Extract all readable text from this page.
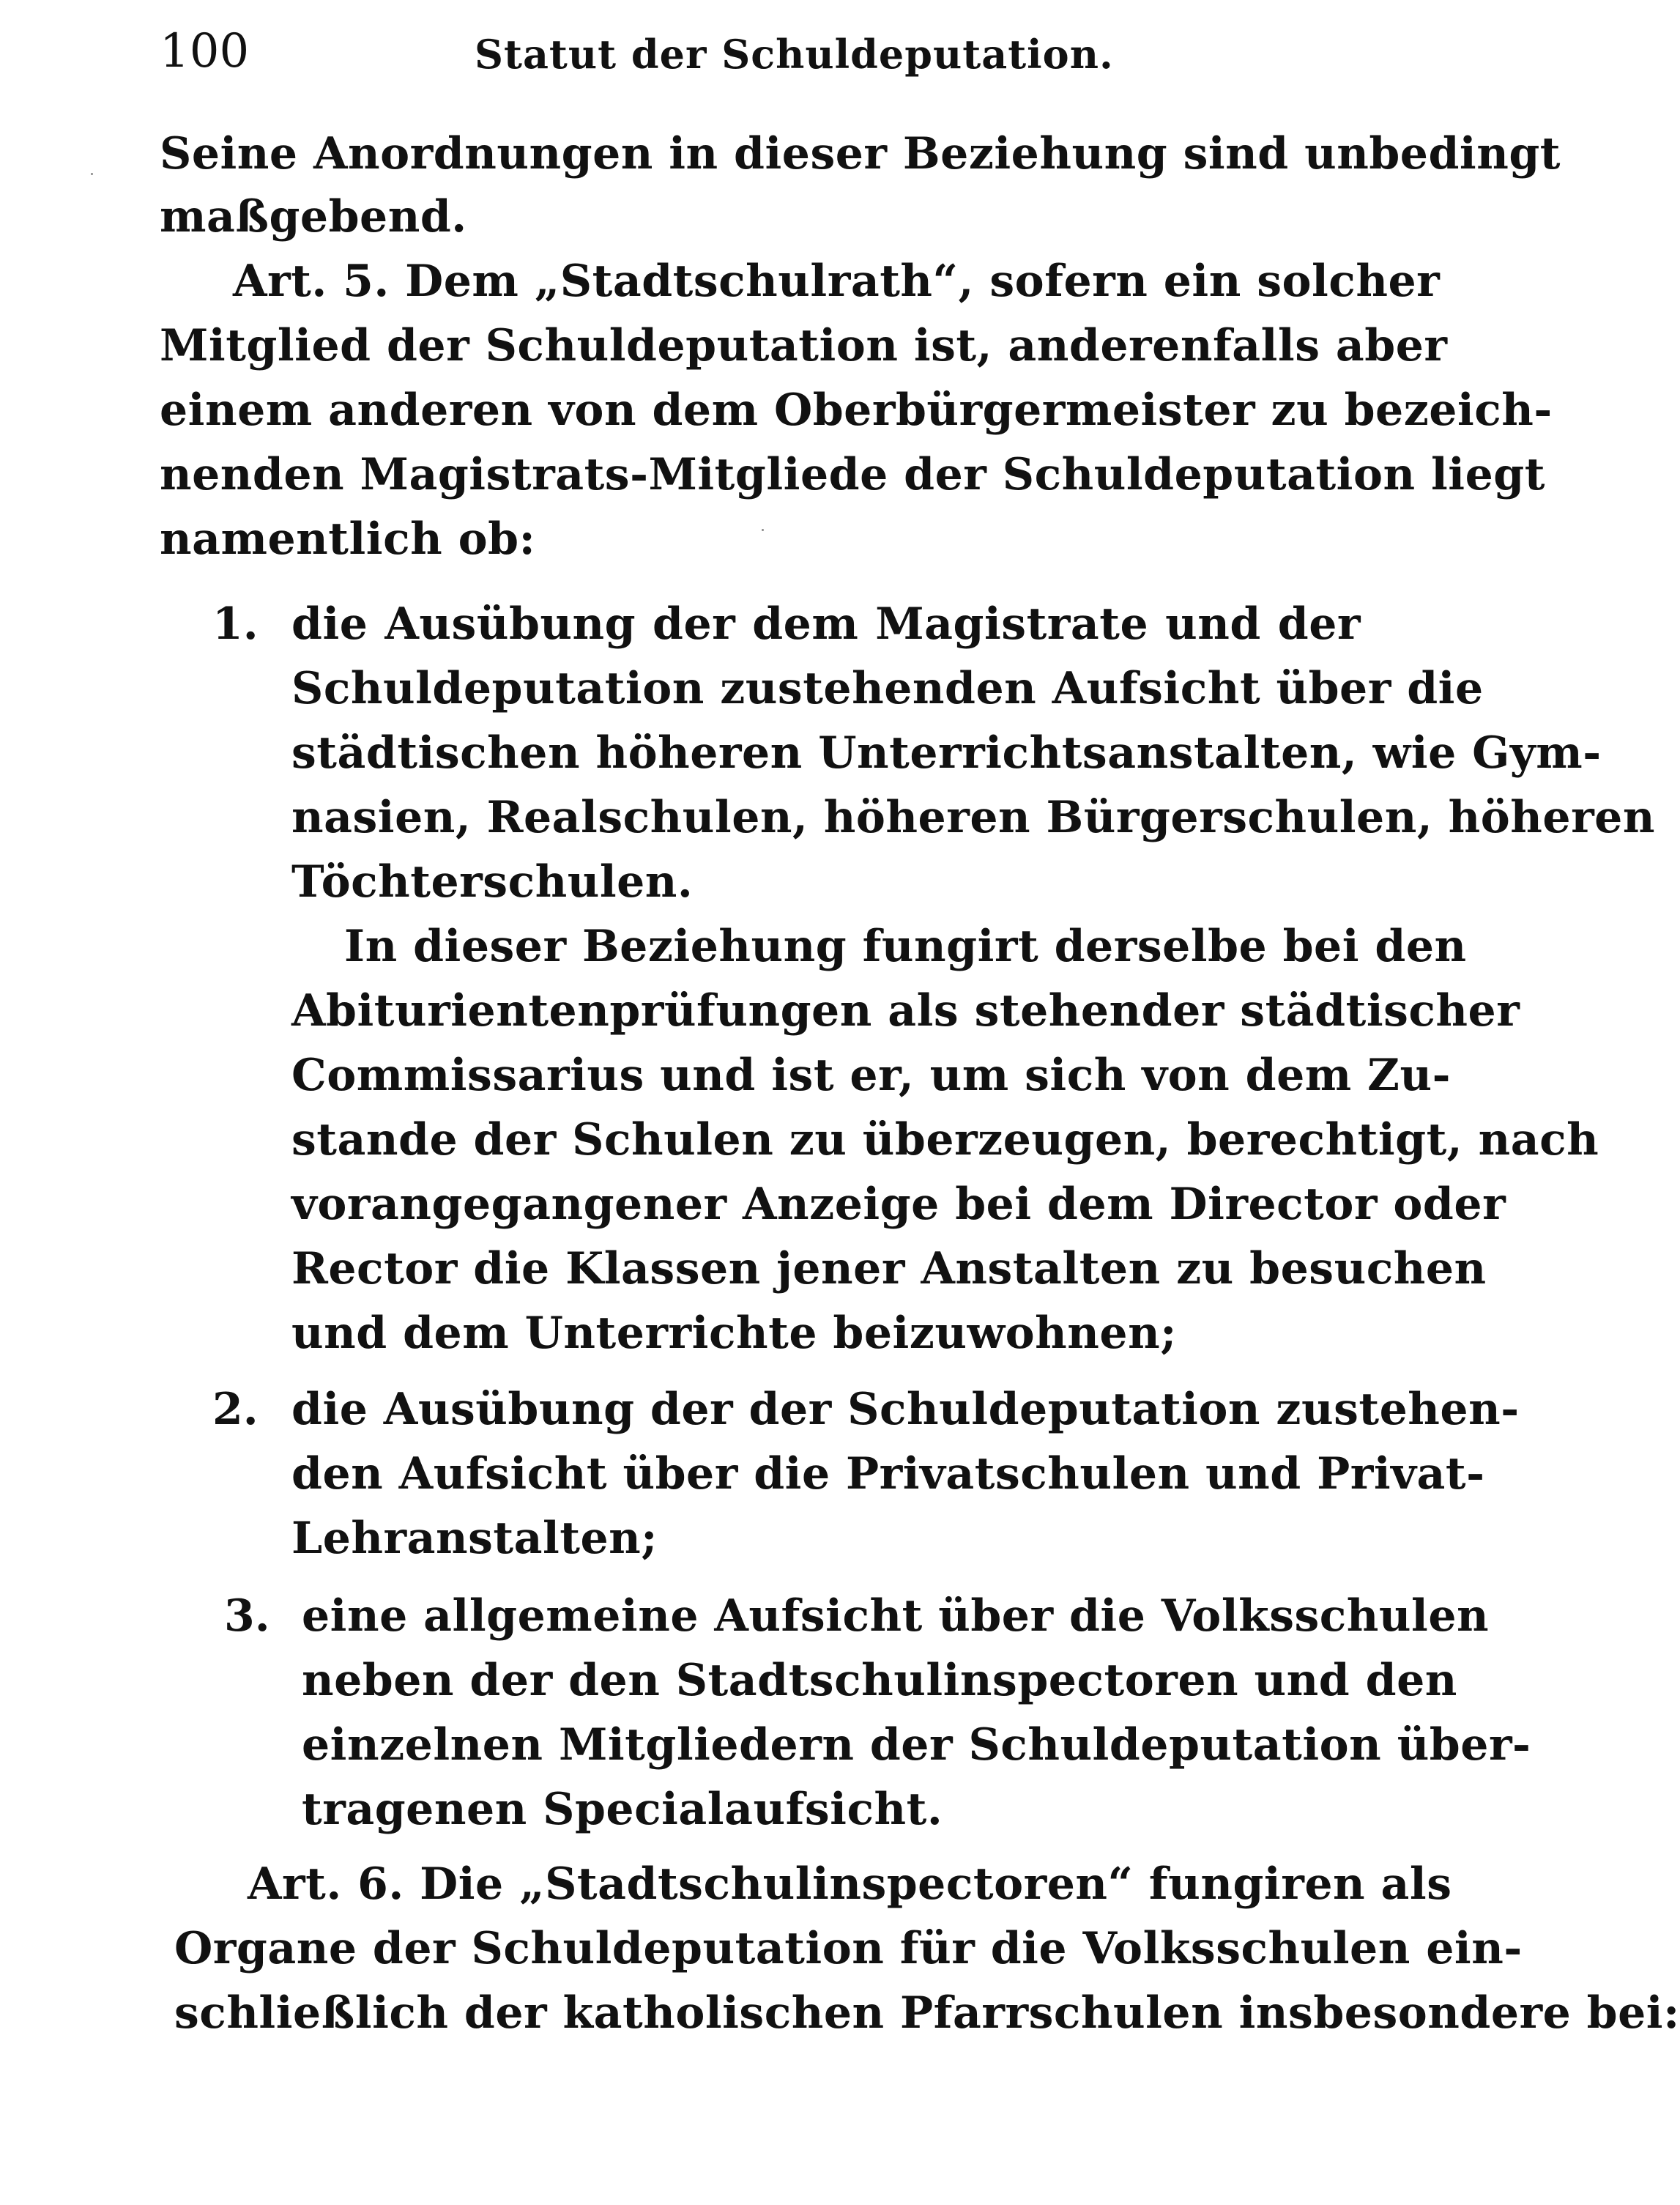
100	Statut der Schuldeputation.
Seine Anordnungen in dieser Beziehung sind unbedingt
maßgebend.
Art. 5. Dem „Stadtschulrath“, sofern ein solcher
Mitglied der Schuldeputation ist, anderenfalls aber
einem anderen von dem Oberbürgermeister zu bezeich-
nenden Magistrats-Mitgliede der Schuldeputation liegt
namentlich ob:
1. die Ausübung der dem Magistrate und der
Schuldeputation zustehenden Aufsicht über die
städtischen höheren Unterrichtsanstalten, wie Gym-
nasien, Realschulen, höheren Bürgerschulen, höheren
Töchterschulen.
In dieser Beziehung fungirt derselbe bei den
Abiturientenprüfungen als stehender städtischer
Commissarius und ist er, um sich von dem Zu-
stande der Schulen zu überzeugen, berechtigt, nach
vorangegangener Anzeige bei dem Director oder
Rector die Klassen jener Anstalten zu besuchen
und dem Unterrichte beizuwohnen;
2. die Ausübung der der Schuldeputation zustehen-
den Aufsicht über die Privatschulen und Privat-
Lehranstalten;
3. eine allgemeine Aufsicht über die Volksschulen
neben der den Stadtschulinspectoren und den
einzelnen Mitgliedern der Schuldeputation über-
tragenen Specialaufsicht.
Art. 6. Die „Stadtschulinspectoren“ fungiren als
Organe der Schuldeputation für die Volksschulen ein-
schließlich der katholischen Pfarrschulen insbesondere bei:
